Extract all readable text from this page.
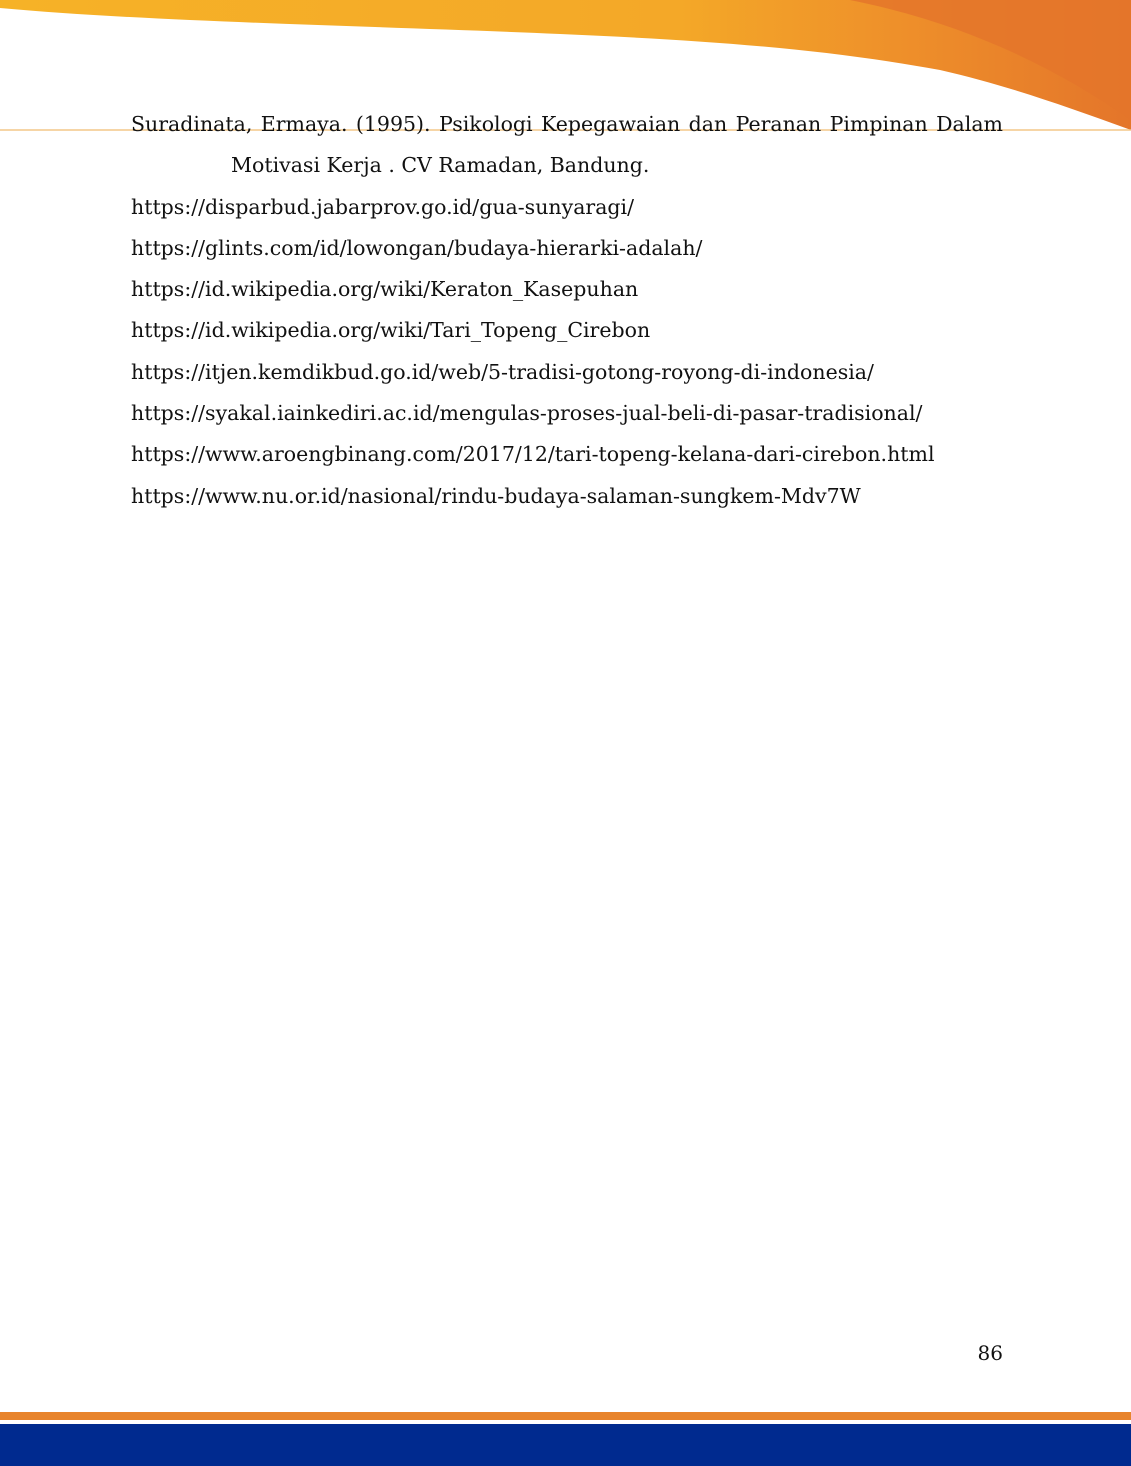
Suradinata, Ermaya. (1995). Psikologi Kepegawaian dan Peranan Pimpinan Dalam Motivasi Kerja . CV Ramadan, Bandung.
https://disparbud.jabarprov.go.id/gua-sunyaragi/
https://glints.com/id/lowongan/budaya-hierarki-adalah/
https://id.wikipedia.org/wiki/Keraton_Kasepuhan
https://id.wikipedia.org/wiki/Tari_Topeng_Cirebon
https://itjen.kemdikbud.go.id/web/5-tradisi-gotong-royong-di-indonesia/
https://syakal.iainkediri.ac.id/mengulas-proses-jual-beli-di-pasar-tradisional/
https://www.aroengbinang.com/2017/12/tari-topeng-kelana-dari-cirebon.html
https://www.nu.or.id/nasional/rindu-budaya-salaman-sungkem-Mdv7W
86
